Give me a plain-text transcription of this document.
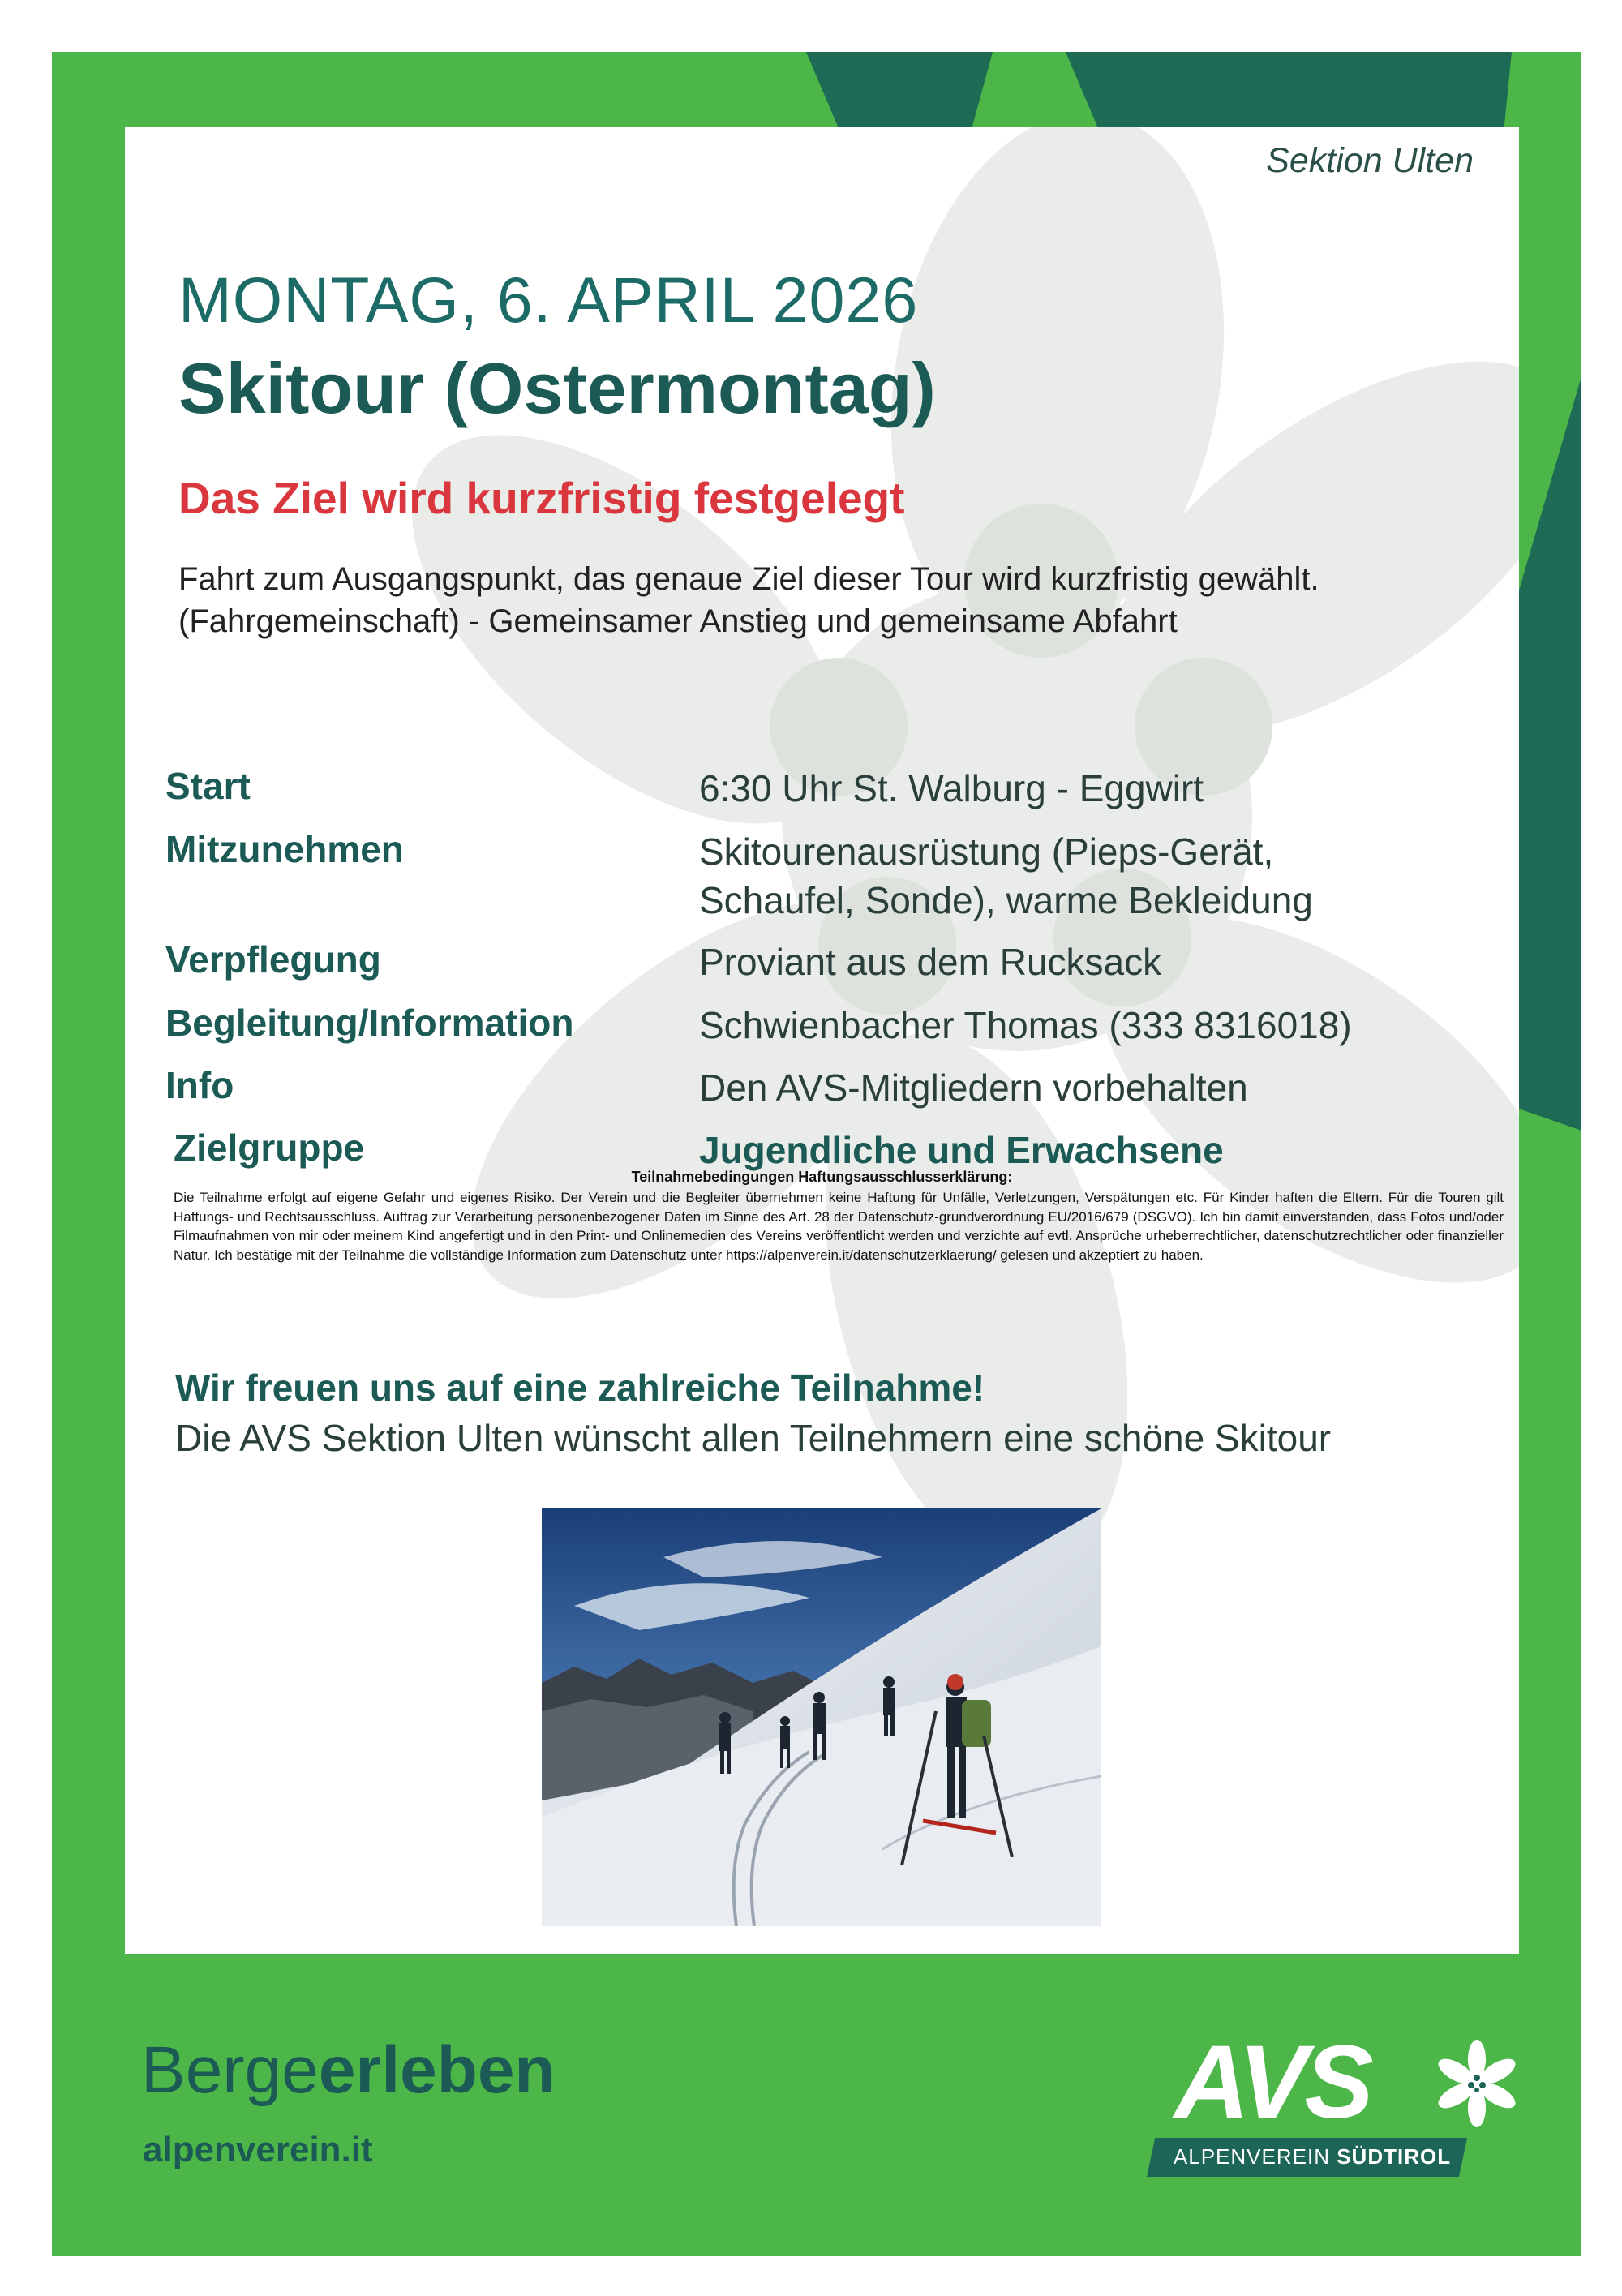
Sektion Ulten
MONTAG, 6. APRIL 2026
Skitour (Ostermontag)
Das Ziel wird kurzfristig festgelegt
Fahrt zum Ausgangspunkt, das genaue Ziel dieser Tour wird kurzfristig gewählt.
(Fahrgemeinschaft) - Gemeinsamer Anstieg und gemeinsame Abfahrt
Start	6:30 Uhr St. Walburg - Eggwirt
Mitzunehmen	Skitourenausrüstung (Pieps-Gerät,
Schaufel, Sonde), warme Bekleidung
Verpflegung	Proviant aus dem Rucksack
Begleitung/Information	Schwienbacher Thomas (333 8316018)
Info	Den AVS-Mitgliedern vorbehalten
Zielgruppe	Jugendliche und Erwachsene
Teilnahmebedingungen Haftungsausschlusserklärung:
Die Teilnahme erfolgt auf eigene Gefahr und eigenes Risiko. Der Verein und die Begleiter übernehmen keine Haftung für Unfälle, Verletzungen, Verspätungen etc. Für Kinder haften die Eltern. Für die Touren gilt Haftungs- und Rechtsausschluss. Auftrag zur Verarbeitung personenbezogener Daten im Sinne des Art. 28 der Datenschutz-grundverordnung EU/2016/679 (DSGVO). Ich bin damit einverstanden, dass Fotos und/oder Filmaufnahmen von mir oder meinem Kind angefertigt und in den Print- und Onlinemedien des Vereins veröffentlicht werden und verzichte auf evtl. Ansprüche urheberrechtlicher, datenschutzrechtlicher oder finanzieller Natur. Ich bestätige mit der Teilnahme die vollständige Information zum Datenschutz unter https://alpenverein.it/datenschutzerklaerung/ gelesen und akzeptiert zu haben.
Wir freuen uns auf eine zahlreiche Teilnahme!
Die AVS Sektion Ulten wünscht allen Teilnehmern eine schöne Skitour
Bergeerleben
alpenverein.it	ALPENVEREIN SÜDTIROL
AVS
